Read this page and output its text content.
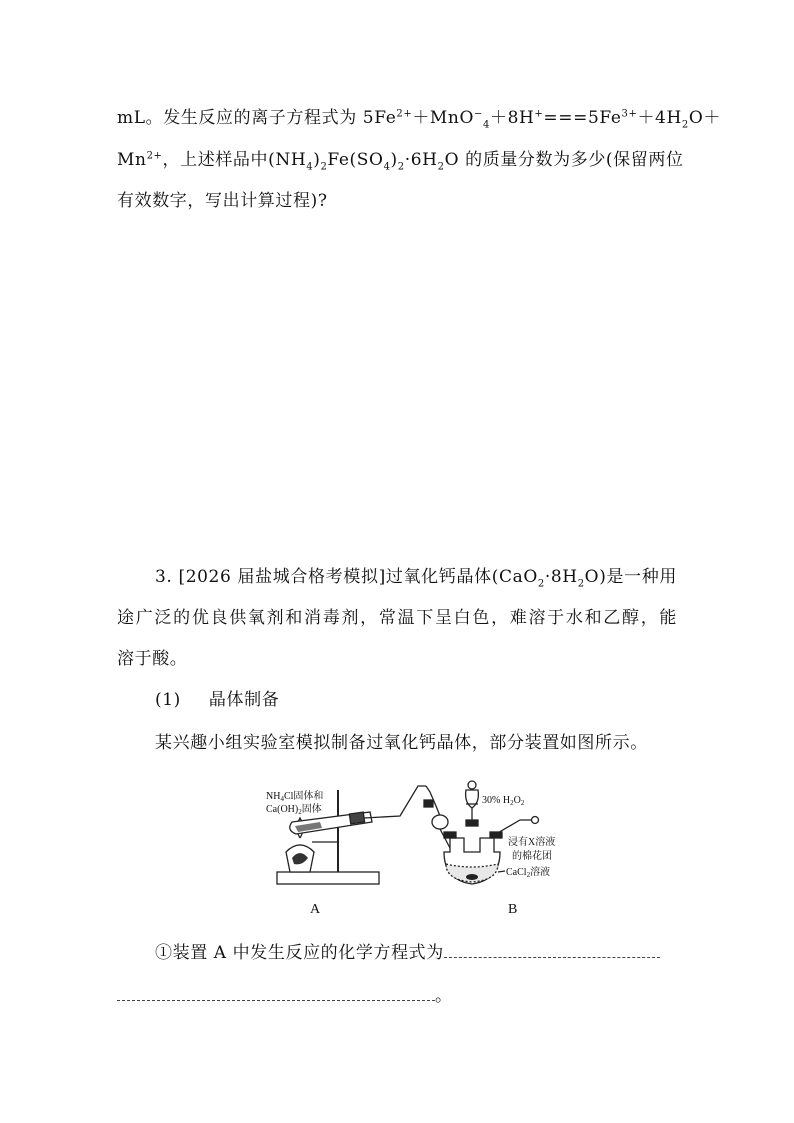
mL。发生反应的离子方程式为 $5Fe^{2+}+MnO^-_4+8H^+===5Fe^{3+}+4H_2O+$
$Mn^{2+}$，上述样品中$(NH_4)_2Fe(SO_4)_2\cdot 6H_2O$ 的质量分数为多少(保留两位
有效数字，写出计算过程)?
3. [2026 届盐城合格考模拟]过氧化钙晶体$(CaO_2\cdot 8H_2O)$是一种用
途广泛的优良供氧剂和消毒剂，常温下呈白色，难溶于水和乙醇，能
溶于酸。
(1) 晶体制备
某兴趣小组实验室模拟制备过氧化钙晶体，部分装置如图所示。
①装置 A 中发生反应的化学方程式为
。
$NH_4Cl$固体和
$Ca(OH)_2$固体
30% $H_2O_2$
浸有X溶液
的棉花团
CaCl$_2$溶液
A	B
